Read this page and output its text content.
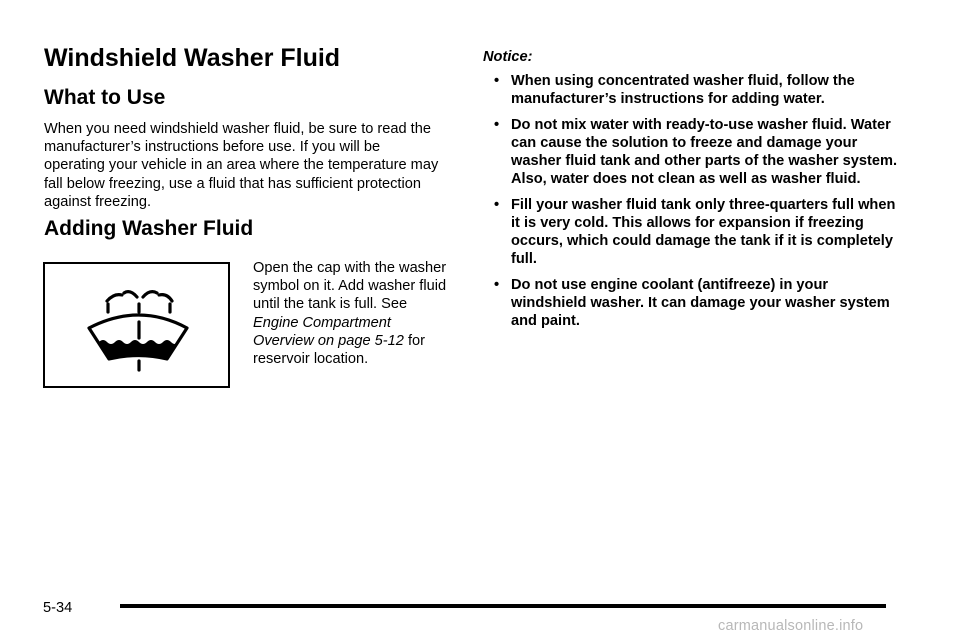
Windshield Washer Fluid
What to Use

When you need windshield washer fluid, be sure to read the manufacturer’s instructions before use. If you will be operating your vehicle in an area where the temperature may fall below freezing, use a fluid that has sufficient protection against freezing.

Adding Washer Fluid

Open the cap with the washer symbol on it. Add washer fluid until the tank is full. See Engine Compartment Overview on page 5-12 for reservoir location.

Notice:

• When using concentrated washer fluid, follow the manufacturer’s instructions for adding water.
• Do not mix water with ready-to-use washer fluid. Water can cause the solution to freeze and damage your washer fluid tank and other parts of the washer system. Also, water does not clean as well as washer fluid.
• Fill your washer fluid tank only three-quarters full when it is very cold. This allows for expansion if freezing occurs, which could damage the tank if it is completely full.
• Do not use engine coolant (antifreeze) in your windshield washer. It can damage your washer system and paint.

5-34

carmanualsonline.info
